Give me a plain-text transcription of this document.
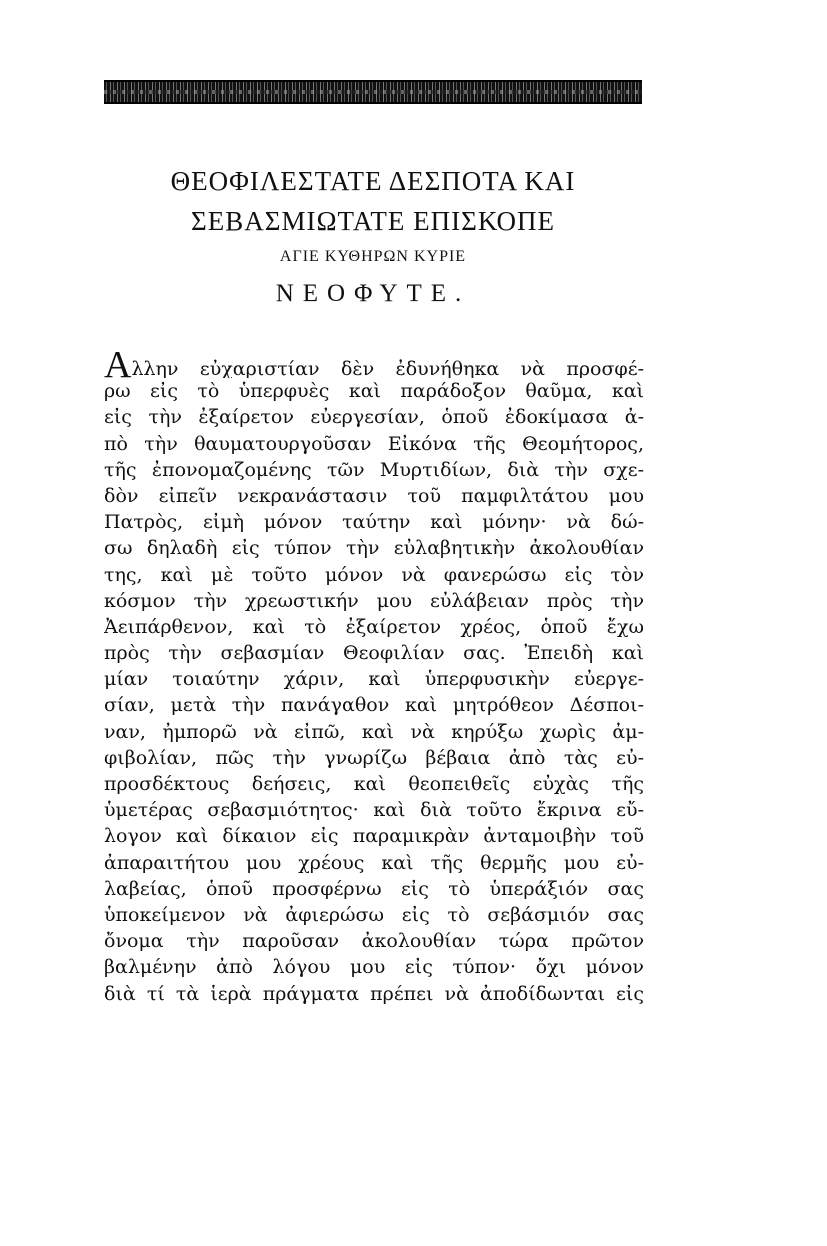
ΘΕΟΦΙΛΕΣΤΑΤΕ ΔΕΣΠΟΤΑ ΚΑΙ
ΣΕΒΑΣΜΙΩΤΑΤΕ ΕΠΙΣΚΟΠΕ
ΑΓΙΕ ΚΥΘΗΡΩΝ ΚΥΡΙΕ
ΝΕΟΦΥΤΕ.
Αλλην εὐχαριστίαν δὲν ἐδυνήθηκα νὰ προσφέ-
ρω εἰς τὸ ὑπερφυὲς καὶ παράδοξον θαῦμα, καὶ
εἰς τὴν ἐξαίρετον εὐεργεσίαν, ὁποῦ ἐδοκίμασα ἀ-
πὸ τὴν θαυματουργοῦσαν Εἰκόνα τῆς Θεομήτορος,
τῆς ἐπονομαζομένης τῶν Μυρτιδίων, διὰ τὴν σχε-
δὸν εἰπεῖν νεκρανάστασιν τοῦ παμφιλτάτου μου
Πατρὸς, εἰμὴ μόνον ταύτην καὶ μόνην· νὰ δώ-
σω δηλαδὴ εἰς τύπον τὴν εὐλαβητικὴν ἀκολουθίαν
της, καὶ μὲ τοῦτο μόνον νὰ φανερώσω εἰς τὸν
κόσμον τὴν χρεωστικήν μου εὐλάβειαν πρὸς τὴν
Ἀειπάρθενον, καὶ τὸ ἐξαίρετον χρέος, ὁποῦ ἔχω
πρὸς τὴν σεβασμίαν Θεοφιλίαν σας. Ἐπειδὴ καὶ
μίαν τοιαύτην χάριν, καὶ ὑπερφυσικὴν εὐεργε-
σίαν, μετὰ τὴν πανάγαθον καὶ μητρόθεον Δέσποι-
ναν, ἠμπορῶ νὰ εἰπῶ, καὶ νὰ κηρύξω χωρὶς ἀμ-
φιβολίαν, πῶς τὴν γνωρίζω βέβαια ἀπὸ τὰς εὐ-
προσδέκτους δεήσεις, καὶ θεοπειθεῖς εὐχὰς τῆς
ὑμετέρας σεβασμιότητος· καὶ διὰ τοῦτο ἔκρινα εὔ-
λογον καὶ δίκαιον εἰς παραμικρὰν ἀνταμοιβὴν τοῦ
ἀπαραιτήτου μου χρέους καὶ τῆς θερμῆς μου εὐ-
λαβείας, ὁποῦ προσφέρνω εἰς τὸ ὑπεράξιόν σας
ὑποκείμενον νὰ ἀφιερώσω εἰς τὸ σεβάσμιόν σας
ὄνομα τὴν παροῦσαν ἀκολουθίαν τώρα πρῶτον
βαλμένην ἀπὸ λόγου μου εἰς τύπον· ὄχι μόνον
διὰ τί τὰ ἱερὰ πράγματα πρέπει νὰ ἀποδίδωνται εἰς
